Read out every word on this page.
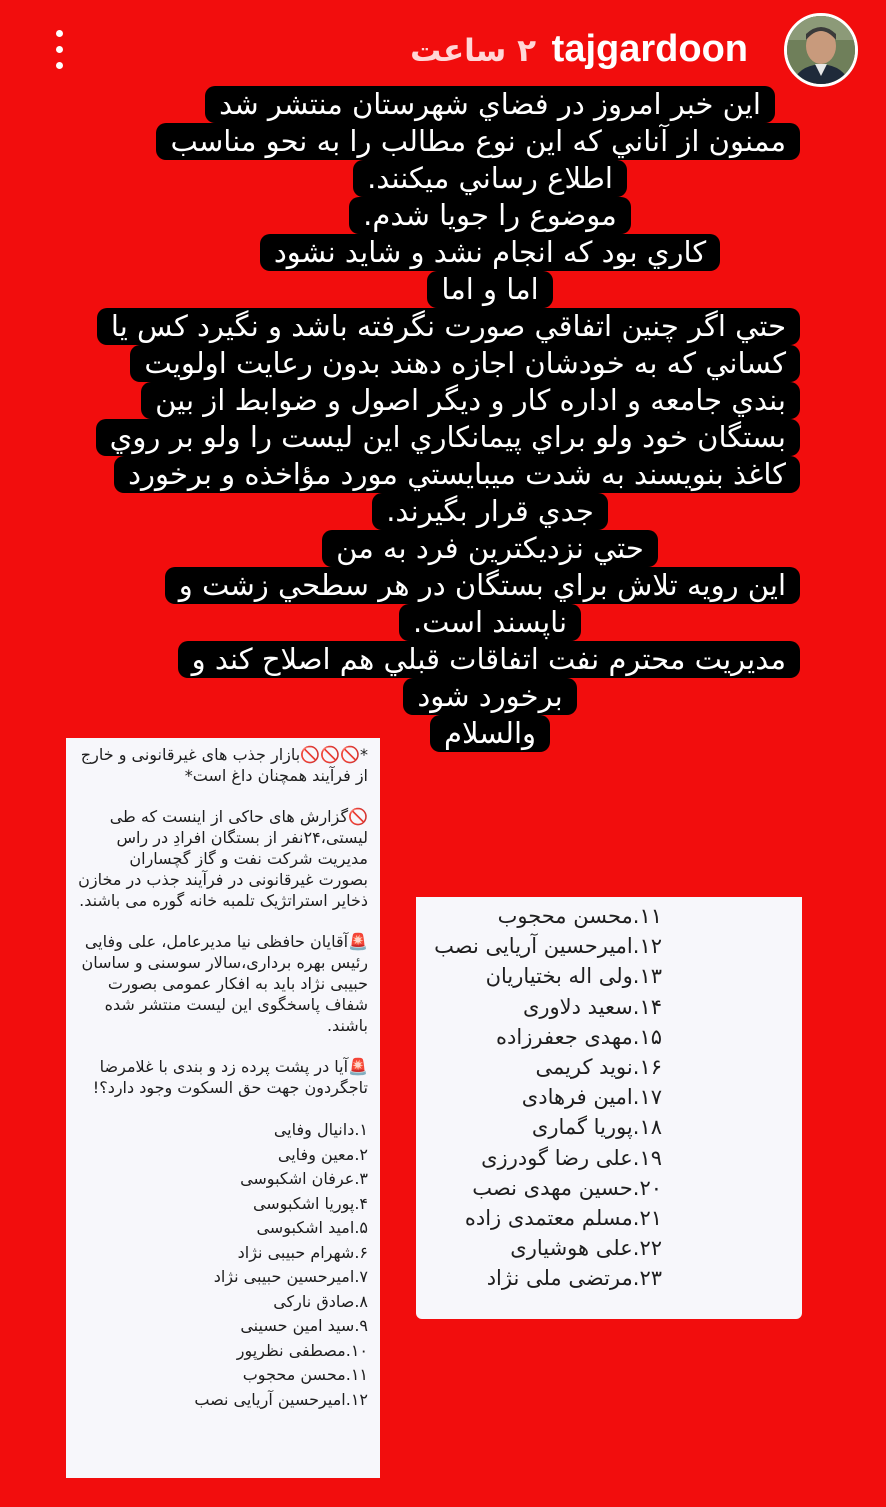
۲ ساعت tajgardoon
اين خبر امروز در فضاي شهرستان منتشر شد
ممنون از آناني كه اين نوع مطالب را به نحو مناسب
اطلاع رساني ميكنند.
موضوع را جويا شدم.
كاري بود كه انجام نشد و شايد نشود
اما و اما
حتي اگر چنين اتفاقي صورت نگرفته باشد و نگيرد كس يا
كساني كه به خودشان اجازه دهند بدون رعايت اولويت
بندي جامعه و اداره كار و ديگر اصول و ضوابط از بين
بستگان خود ولو براي پيمانكاري اين ليست را ولو بر روي
كاغذ بنويسند به شدت ميبايستي مورد مؤاخذه و برخورد
جدي قرار بگيرند.
حتي نزديكترين فرد به من
اين رويه تلاش براي بستگان در هر سطحي زشت و
ناپسند است.
مديريت محترم نفت اتفاقات قبلي هم اصلاح كند و
برخورد شود
والسلام

*🚫🚫🚫بازار جذب های غیرقانونی و خارج از فرآیند همچنان داغ است*

🚫گزارش های حاکی از اینست که طی لیستی،۲۴نفر از بستگان افرادِ در راس مدیریت شرکت نفت و گاز گچساران بصورت غیرقانونی در فرآیند جذب در مخازن ذخایر استراتژیک تلمبه خانه گوره می باشند.

🚨آقایان حافظی نیا مدیرعامل، علی وفایی رئیس بهره برداری،سالار سوسنی و ساسان حبیبی نژاد باید به افکار عمومی بصورت شفاف پاسخگوی این لیست منتشر شده باشند.

🚨آیا در پشت پرده زد و بندی با غلامرضا تاجگردون جهت حق السکوت وجود دارد؟!

۱.دانیال وفایی
۲.معین وفایی
۳.عرفان اشکبوسی
۴.پوریا اشکبوسی
۵.امید اشکبوسی
۶.شهرام حبیبی نژاد
۷.امیرحسین حبیبی نژاد
۸.صادق نارکی
۹.سید امین حسینی
۱۰.مصطفی نظرپور
۱۱.محسن محجوب
۱۲.امیرحسین آریایی نصب
۱۱.محسن محجوب
۱۲.امیرحسین آریایی نصب
۱۳.ولی اله بختیاریان
۱۴.سعید دلاوری
۱۵.مهدی جعفرزاده
۱۶.نوید کریمی
۱۷.امین فرهادی
۱۸.پوریا گماری
۱۹.علی رضا گودرزی
۲۰.حسین مهدی نصب
۲۱.مسلم معتمدی زاده
۲۲.علی هوشیاری
۲۳.مرتضی ملی نژاد
